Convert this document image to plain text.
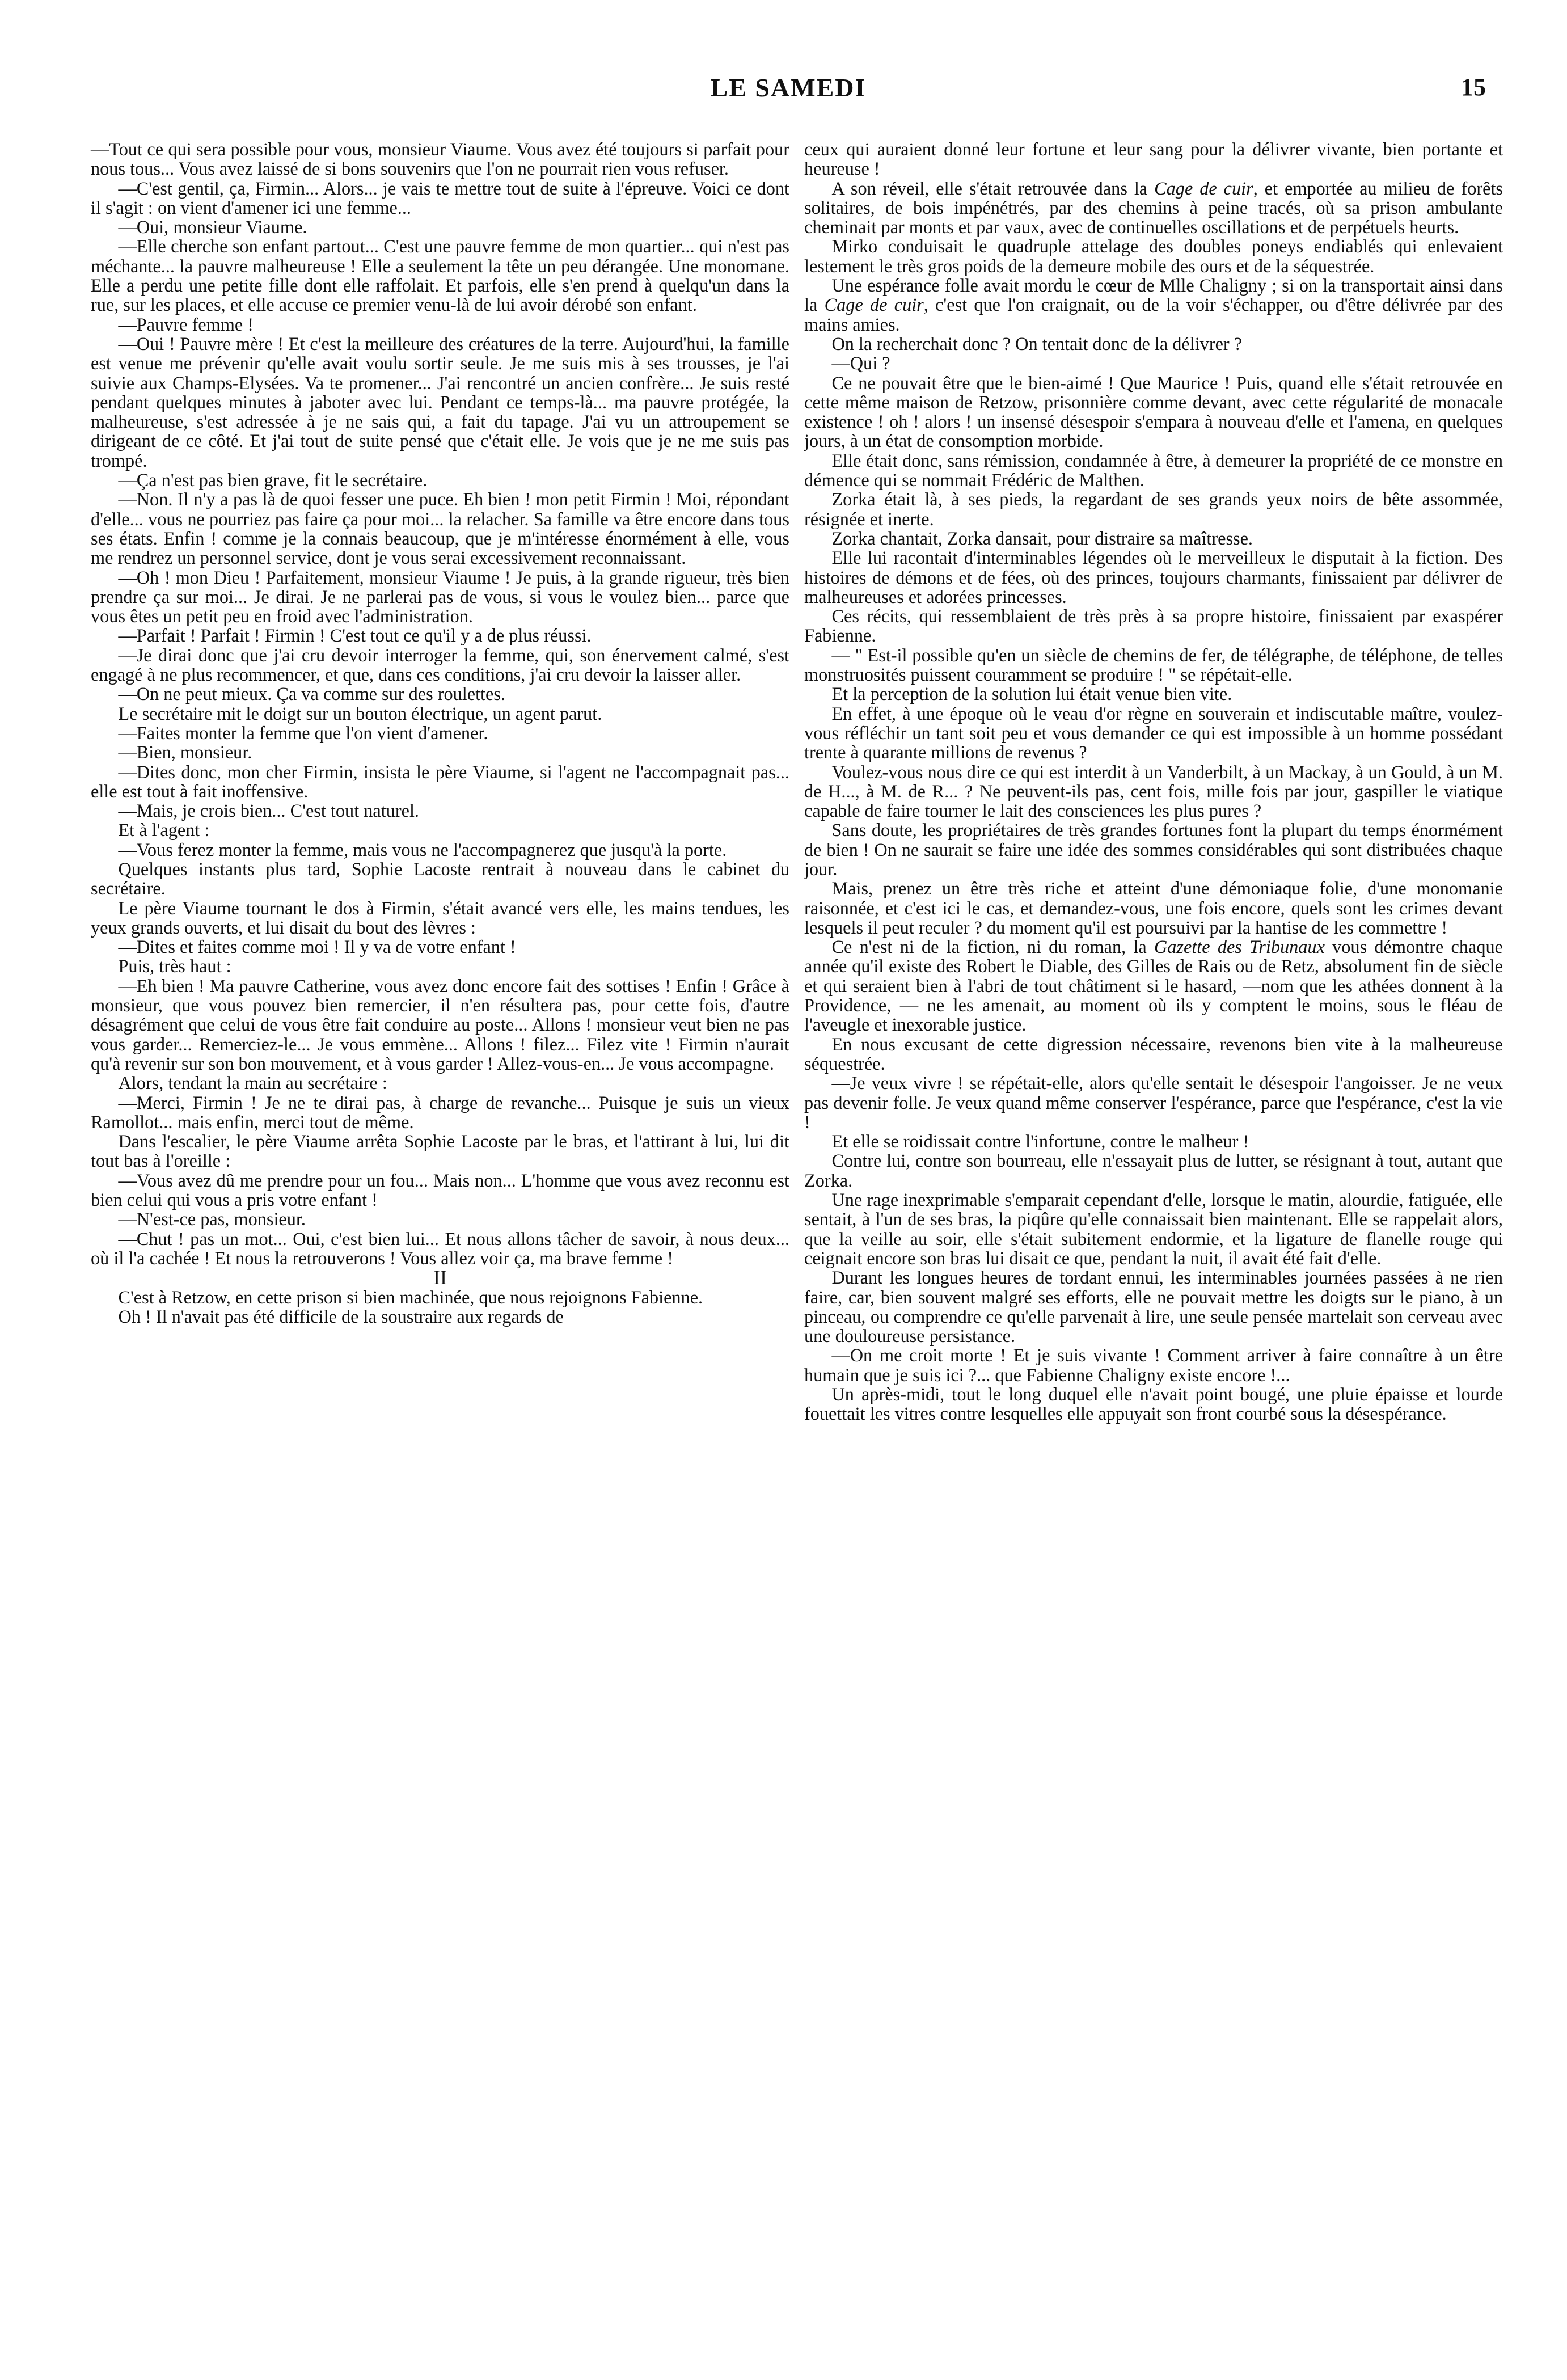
LE SAMEDI	15

—Tout ce qui sera possible pour vous, monsieur Viaume. Vous avez été toujours si parfait pour nous tous... Vous avez laissé de si bons souvenirs que l'on ne pourrait rien vous refuser.

—C'est gentil, ça, Firmin... Alors... je vais te mettre tout de suite à l'épreuve. Voici ce dont il s'agit : on vient d'amener ici une femme...

—Oui, monsieur Viaume.

—Elle cherche son enfant partout... C'est une pauvre femme de mon quartier... qui n'est pas méchante... la pauvre malheureuse ! Elle a seulement la tête un peu dérangée. Une monomane. Elle a perdu une petite fille dont elle raffolait. Et parfois, elle s'en prend à quelqu'un dans la rue, sur les places, et elle accuse ce premier venu-là de lui avoir dérobé son enfant.

—Pauvre femme !

—Oui ! Pauvre mère ! Et c'est la meilleure des créatures de la terre. Aujourd'hui, la famille est venue me prévenir qu'elle avait voulu sortir seule. Je me suis mis à ses trousses, je l'ai suivie aux Champs-Elysées. Va te promener... J'ai rencontré un ancien confrère... Je suis resté pendant quelques minutes à jaboter avec lui. Pendant ce temps-là... ma pauvre protégée, la malheureuse, s'est adressée à je ne sais qui, a fait du tapage. J'ai vu un attroupement se dirigeant de ce côté. Et j'ai tout de suite pensé que c'était elle. Je vois que je ne me suis pas trompé.

—Ça n'est pas bien grave, fit le secrétaire.

—Non. Il n'y a pas là de quoi fesser une puce. Eh bien ! mon petit Firmin ! Moi, répondant d'elle... vous ne pourriez pas faire ça pour moi... la relacher. Sa famille va être encore dans tous ses états. Enfin ! comme je la connais beaucoup, que je m'intéresse énormément à elle, vous me rendrez un personnel service, dont je vous serai excessivement reconnaissant.

—Oh ! mon Dieu ! Parfaitement, monsieur Viaume ! Je puis, à la grande rigueur, très bien prendre ça sur moi... Je dirai. Je ne parlerai pas de vous, si vous le voulez bien... parce que vous êtes un petit peu en froid avec l'administration.

—Parfait ! Parfait ! Firmin ! C'est tout ce qu'il y a de plus réussi.

—Je dirai donc que j'ai cru devoir interroger la femme, qui, son énervement calmé, s'est engagé à ne plus recommencer, et que, dans ces conditions, j'ai cru devoir la laisser aller.

—On ne peut mieux. Ça va comme sur des roulettes.

Le secrétaire mit le doigt sur un bouton électrique, un agent parut.

—Faites monter la femme que l'on vient d'amener.

—Bien, monsieur.

—Dites donc, mon cher Firmin, insista le père Viaume, si l'agent ne l'accompagnait pas... elle est tout à fait inoffensive.

—Mais, je crois bien... C'est tout naturel.

Et à l'agent :

—Vous ferez monter la femme, mais vous ne l'accompagnerez que jusqu'à la porte.

Quelques instants plus tard, Sophie Lacoste rentrait à nouveau dans le cabinet du secrétaire.

Le père Viaume tournant le dos à Firmin, s'était avancé vers elle, les mains tendues, les yeux grands ouverts, et lui disait du bout des lèvres :

—Dites et faites comme moi ! Il y va de votre enfant !

Puis, très haut :

—Eh bien ! Ma pauvre Catherine, vous avez donc encore fait des sottises ! Enfin ! Grâce à monsieur, que vous pouvez bien remercier, il n'en résultera pas, pour cette fois, d'autre désagrément que celui de vous être fait conduire au poste... Allons ! monsieur veut bien ne pas vous garder... Remerciez-le... Je vous emmène... Allons ! filez... Filez vite ! Firmin n'aurait qu'à revenir sur son bon mouvement, et à vous garder ! Allez-vous-en... Je vous accompagne.

Alors, tendant la main au secrétaire :

—Merci, Firmin ! Je ne te dirai pas, à charge de revanche... Puisque je suis un vieux Ramollot... mais enfin, merci tout de même.

Dans l'escalier, le père Viaume arrêta Sophie Lacoste par le bras, et l'attirant à lui, lui dit tout bas à l'oreille :

—Vous avez dû me prendre pour un fou... Mais non... L'homme que vous avez reconnu est bien celui qui vous a pris votre enfant !

—N'est-ce pas, monsieur.

—Chut ! pas un mot... Oui, c'est bien lui... Et nous allons tâcher de savoir, à nous deux... où il l'a cachée ! Et nous la retrouverons ! Vous allez voir ça, ma brave femme !

II

C'est à Retzow, en cette prison si bien machinée, que nous rejoignons Fabienne.

Oh ! Il n'avait pas été difficile de la soustraire aux regards de

ceux qui auraient donné leur fortune et leur sang pour la délivrer vivante, bien portante et heureuse !

A son réveil, elle s'était retrouvée dans la Cage de cuir, et emportée au milieu de forêts solitaires, de bois impénétrés, par des chemins à peine tracés, où sa prison ambulante cheminait par monts et par vaux, avec de continuelles oscillations et de perpétuels heurts.

Mirko conduisait le quadruple attelage des doubles poneys endiablés qui enlevaient lestement le très gros poids de la demeure mobile des ours et de la séquestrée.

Une espérance folle avait mordu le cœur de Mlle Chaligny ; si on la transportait ainsi dans la Cage de cuir, c'est que l'on craignait, ou de la voir s'échapper, ou d'être délivrée par des mains amies.

On la recherchait donc ? On tentait donc de la délivrer ?

—Qui ?

Ce ne pouvait être que le bien-aimé ! Que Maurice ! Puis, quand elle s'était retrouvée en cette même maison de Retzow, prisonnière comme devant, avec cette régularité de monacale existence ! oh ! alors ! un insensé désespoir s'empara à nouveau d'elle et l'amena, en quelques jours, à un état de consomption morbide.

Elle était donc, sans rémission, condamnée à être, à demeurer la propriété de ce monstre en démence qui se nommait Frédéric de Malthen.

Zorka était là, à ses pieds, la regardant de ses grands yeux noirs de bête assommée, résignée et inerte.

Zorka chantait, Zorka dansait, pour distraire sa maîtresse.

Elle lui racontait d'interminables légendes où le merveilleux le disputait à la fiction. Des histoires de démons et de fées, où des princes, toujours charmants, finissaient par délivrer de malheureuses et adorées princesses.

Ces récits, qui ressemblaient de très près à sa propre histoire, finissaient par exaspérer Fabienne.

— " Est-il possible qu'en un siècle de chemins de fer, de télégraphe, de téléphone, de telles monstruosités puissent couramment se produire ! " se répétait-elle.

Et la perception de la solution lui était venue bien vite.

En effet, à une époque où le veau d'or règne en souverain et indiscutable maître, voulez-vous réfléchir un tant soit peu et vous demander ce qui est impossible à un homme possédant trente à quarante millions de revenus ?

Voulez-vous nous dire ce qui est interdit à un Vanderbilt, à un Mackay, à un Gould, à un M. de H..., à M. de R... ? Ne peuvent-ils pas, cent fois, mille fois par jour, gaspiller le viatique capable de faire tourner le lait des consciences les plus pures ?

Sans doute, les propriétaires de très grandes fortunes font la plupart du temps énormément de bien ! On ne saurait se faire une idée des sommes considérables qui sont distribuées chaque jour.

Mais, prenez un être très riche et atteint d'une démoniaque folie, d'une monomanie raisonnée, et c'est ici le cas, et demandez-vous, une fois encore, quels sont les crimes devant lesquels il peut reculer ? du moment qu'il est poursuivi par la hantise de les commettre !

Ce n'est ni de la fiction, ni du roman, la Gazette des Tribunaux vous démontre chaque année qu'il existe des Robert le Diable, des Gilles de Rais ou de Retz, absolument fin de siècle et qui seraient bien à l'abri de tout châtiment si le hasard, —nom que les athées donnent à la Providence, — ne les amenait, au moment où ils y comptent le moins, sous le fléau de l'aveugle et inexorable justice.

En nous excusant de cette digression nécessaire, revenons bien vite à la malheureuse séquestrée.

—Je veux vivre ! se répétait-elle, alors qu'elle sentait le désespoir l'angoisser. Je ne veux pas devenir folle. Je veux quand même conserver l'espérance, parce que l'espérance, c'est la vie !

Et elle se roidissait contre l'infortune, contre le malheur !

Contre lui, contre son bourreau, elle n'essayait plus de lutter, se résignant à tout, autant que Zorka.

Une rage inexprimable s'emparait cependant d'elle, lorsque le matin, alourdie, fatiguée, elle sentait, à l'un de ses bras, la piqûre qu'elle connaissait bien maintenant. Elle se rappelait alors, que la veille au soir, elle s'était subitement endormie, et la ligature de flanelle rouge qui ceignait encore son bras lui disait ce que, pendant la nuit, il avait été fait d'elle.

Durant les longues heures de tordant ennui, les interminables journées passées à ne rien faire, car, bien souvent malgré ses efforts, elle ne pouvait mettre les doigts sur le piano, à un pinceau, ou comprendre ce qu'elle parvenait à lire, une seule pensée martelait son cerveau avec une douloureuse persistance.

—On me croit morte ! Et je suis vivante ! Comment arriver à faire connaître à un être humain que je suis ici ?... que Fabienne Chaligny existe encore !...

Un après-midi, tout le long duquel elle n'avait point bougé, une pluie épaisse et lourde fouettait les vitres contre lesquelles elle appuyait son front courbé sous la désespérance.
